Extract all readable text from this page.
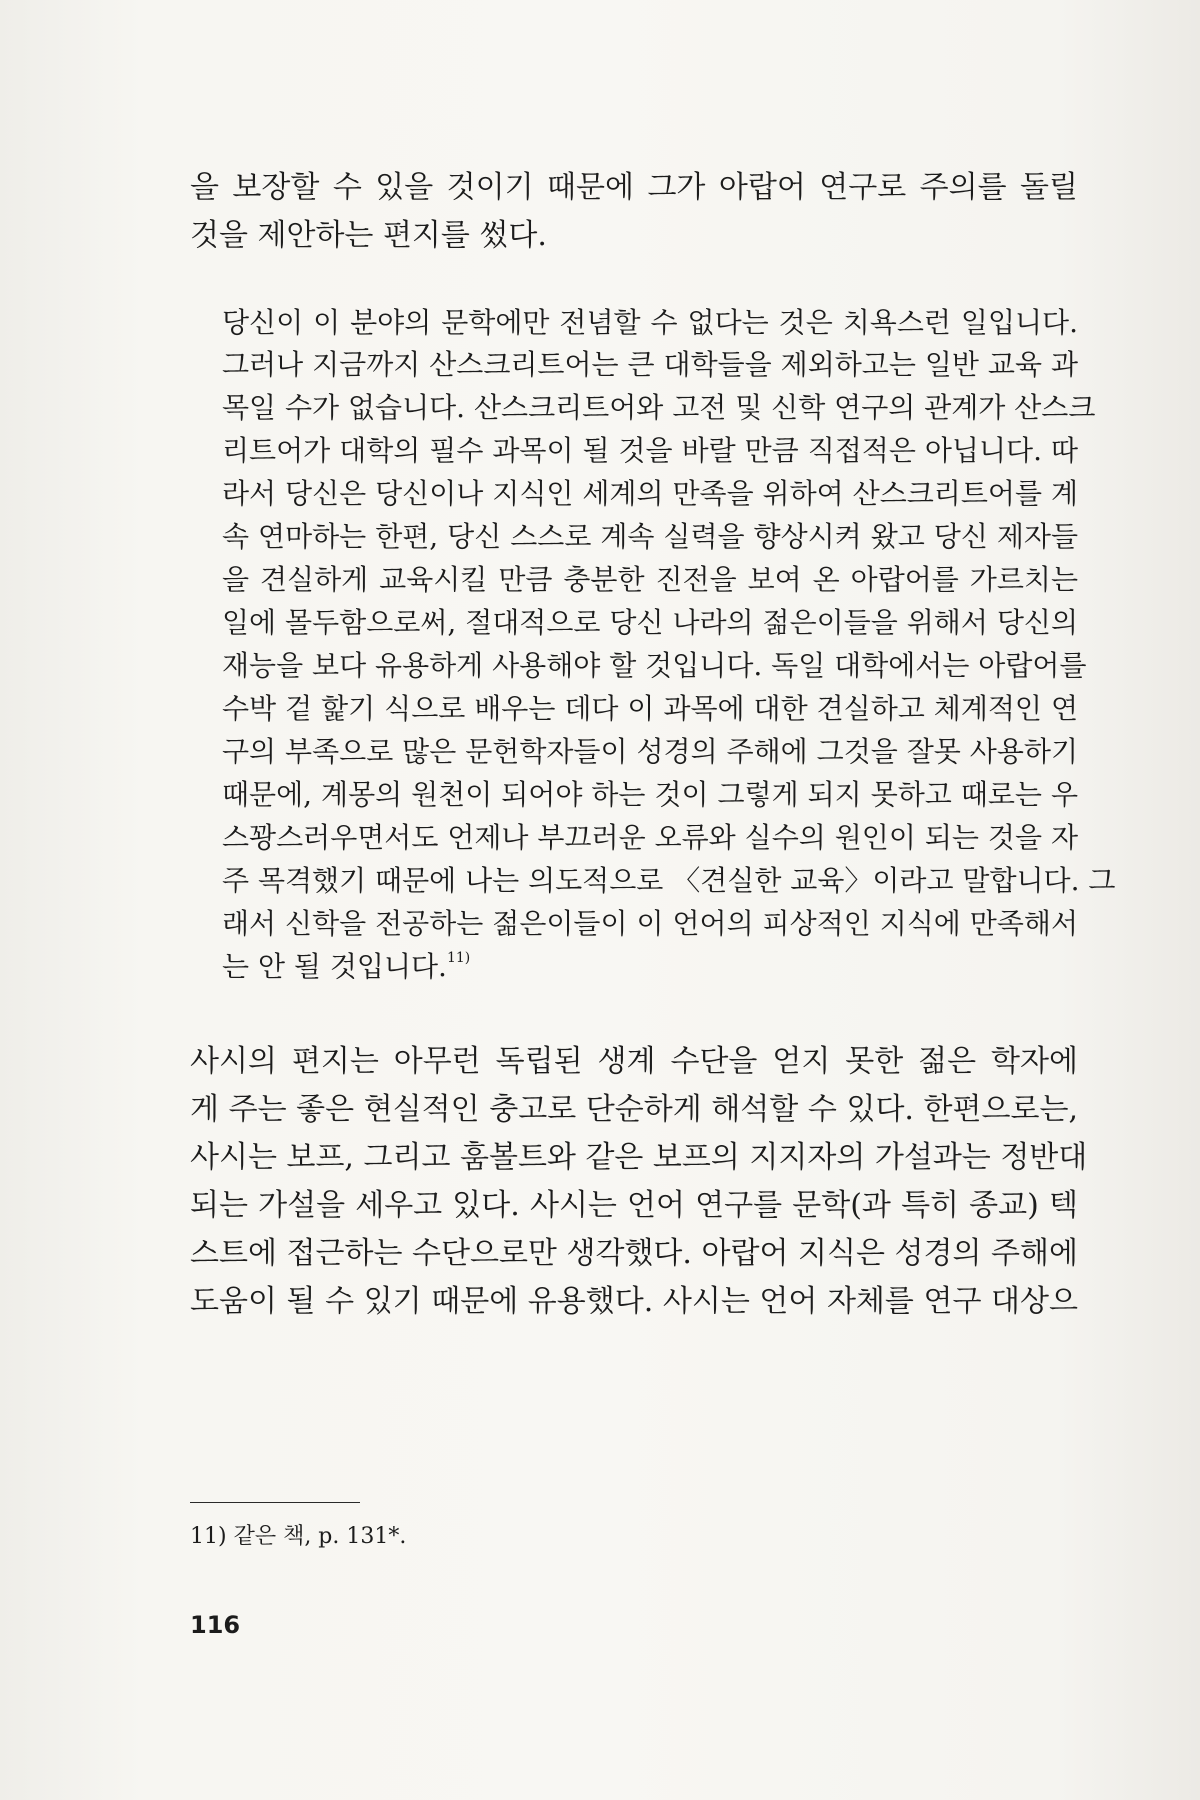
을 보장할 수 있을 것이기 때문에 그가 아랍어 연구로 주의를 돌릴
것을 제안하는 편지를 썼다.
당신이 이 분야의 문학에만 전념할 수 없다는 것은 치욕스런 일입니다.
그러나 지금까지 산스크리트어는 큰 대학들을 제외하고는 일반 교육 과
목일 수가 없습니다. 산스크리트어와 고전 및 신학 연구의 관계가 산스크
리트어가 대학의 필수 과목이 될 것을 바랄 만큼 직접적은 아닙니다. 따
라서 당신은 당신이나 지식인 세계의 만족을 위하여 산스크리트어를 계
속 연마하는 한편, 당신 스스로 계속 실력을 향상시켜 왔고 당신 제자들
을 견실하게 교육시킬 만큼 충분한 진전을 보여 온 아랍어를 가르치는
일에 몰두함으로써, 절대적으로 당신 나라의 젊은이들을 위해서 당신의
재능을 보다 유용하게 사용해야 할 것입니다. 독일 대학에서는 아랍어를
수박 겉 핥기 식으로 배우는 데다 이 과목에 대한 견실하고 체계적인 연
구의 부족으로 많은 문헌학자들이 성경의 주해에 그것을 잘못 사용하기
때문에, 계몽의 원천이 되어야 하는 것이 그렇게 되지 못하고 때로는 우
스꽝스러우면서도 언제나 부끄러운 오류와 실수의 원인이 되는 것을 자
주 목격했기 때문에 나는 의도적으로 〈견실한 교육〉이라고 말합니다. 그
래서 신학을 전공하는 젊은이들이 이 언어의 피상적인 지식에 만족해서
는 안 될 것입니다.$^{11)}$
사시의 편지는 아무런 독립된 생계 수단을 얻지 못한 젊은 학자에
게 주는 좋은 현실적인 충고로 단순하게 해석할 수 있다. 한편으로는,
사시는 보프, 그리고 훔볼트와 같은 보프의 지지자의 가설과는 정반대
되는 가설을 세우고 있다. 사시는 언어 연구를 문학(과 특히 종교) 텍
스트에 접근하는 수단으로만 생각했다. 아랍어 지식은 성경의 주해에
도움이 될 수 있기 때문에 유용했다. 사시는 언어 자체를 연구 대상으
11) 같은 책, p. 131*.
116
